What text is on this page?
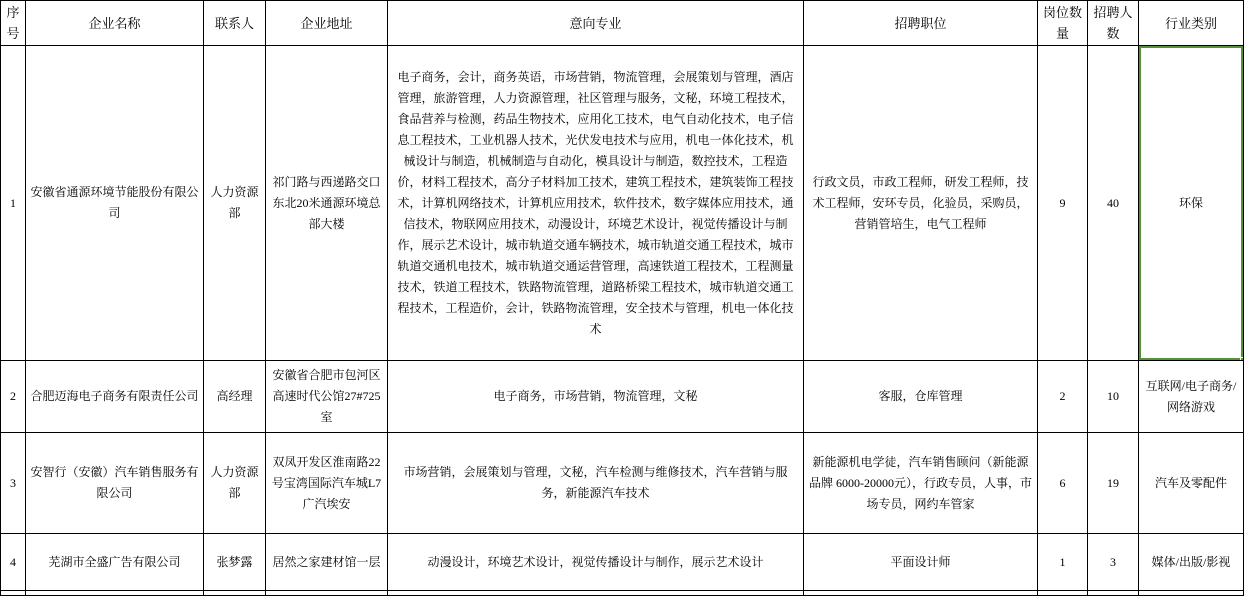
序号	企业名称	联系人	企业地址	意向专业	招聘职位	岗位数量	招聘人数	行业类别
1	安徽省通源环境节能股份有限公司	人力资源部	祁门路与西递路交口东北20米通源环境总部大楼	电子商务，会计，商务英语，市场营销，物流管理，会展策划与管理，酒店管理，旅游管理，人力资源管理，社区管理与服务，文秘，环境工程技术，食品营养与检测，药品生物技术，应用化工技术，电气自动化技术，电子信息工程技术，工业机器人技术，光伏发电技术与应用，机电一体化技术，机械设计与制造，机械制造与自动化，模具设计与制造，数控技术，工程造价，材料工程技术，高分子材料加工技术，建筑工程技术，建筑装饰工程技术，计算机网络技术，计算机应用技术，软件技术，数字媒体应用技术，通信技术，物联网应用技术，动漫设计，环境艺术设计，视觉传播设计与制作，展示艺术设计，城市轨道交通车辆技术，城市轨道交通工程技术，城市轨道交通机电技术，城市轨道交通运营管理，高速铁道工程技术，工程测量技术，铁道工程技术，铁路物流管理，道路桥梁工程技术，城市轨道交通工程技术，工程造价，会计，铁路物流管理，安全技术与管理，机电一体化技术	行政文员，市政工程师，研发工程师，技术工程师，安环专员，化验员，采购员，营销管培生，电气工程师	9	40	环保

2	合肥迈海电子商务有限责任公司	高经理	安徽省合肥市包河区高速时代公馆27#725室	电子商务，市场营销，物流管理，文秘	客服，仓库管理	2	10	互联网/电子商务/网络游戏
3	安智行（安徽）汽车销售服务有限公司	人力资源部	双凤开发区淮南路22号宝湾国际汽车城L7广汽埃安	市场营销，会展策划与管理，文秘，汽车检测与维修技术，汽车营销与服务，新能源汽车技术	新能源机电学徒，汽车销售顾问（新能源品牌 6000-20000元），行政专员，人事，市场专员，网约车管家	6	19	汽车及零配件
4	芜湖市全盛广告有限公司	张梦露	居然之家建材馆一层	动漫设计，环境艺术设计，视觉传播设计与制作，展示艺术设计	平面设计师	1	3	媒体/出版/影视
